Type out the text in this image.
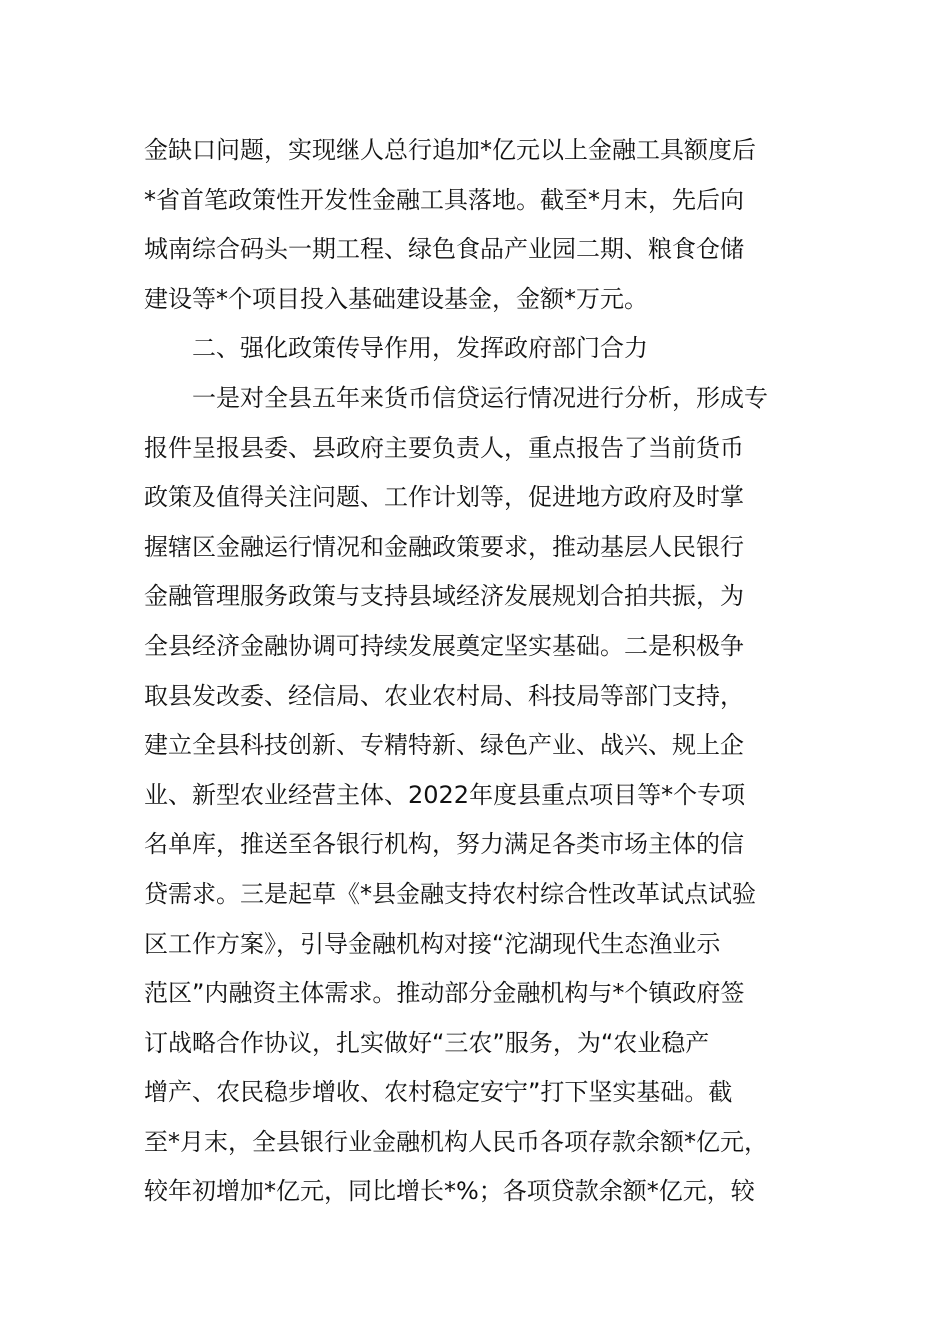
金缺口问题，实现继人总行追加*亿元以上金融工具额度后
*省首笔政策性开发性金融工具落地。截至*月末，先后向
城南综合码头一期工程、绿色食品产业园二期、粮食仓储
建设等*个项目投入基础建设基金，金额*万元。
二、强化政策传导作用，发挥政府部门合力
一是对全县五年来货币信贷运行情况进行分析，形成专
报件呈报县委、县政府主要负责人，重点报告了当前货币
政策及值得关注问题、工作计划等，促进地方政府及时掌
握辖区金融运行情况和金融政策要求，推动基层人民银行
金融管理服务政策与支持县域经济发展规划合拍共振，为
全县经济金融协调可持续发展奠定坚实基础。二是积极争
取县发改委、经信局、农业农村局、科技局等部门支持，
建立全县科技创新、专精特新、绿色产业、战兴、规上企
业、新型农业经营主体、2022年度县重点项目等*个专项
名单库，推送至各银行机构，努力满足各类市场主体的信
贷需求。三是起草《*县金融支持农村综合性改革试点试验
区工作方案》，引导金融机构对接“沱湖现代生态渔业示
范区”内融资主体需求。推动部分金融机构与*个镇政府签
订战略合作协议，扎实做好“三农”服务，为“农业稳产
增产、农民稳步增收、农村稳定安宁”打下坚实基础。截
至*月末，全县银行业金融机构人民币各项存款余额*亿元，
较年初增加*亿元，同比增长*%；各项贷款余额*亿元，较
